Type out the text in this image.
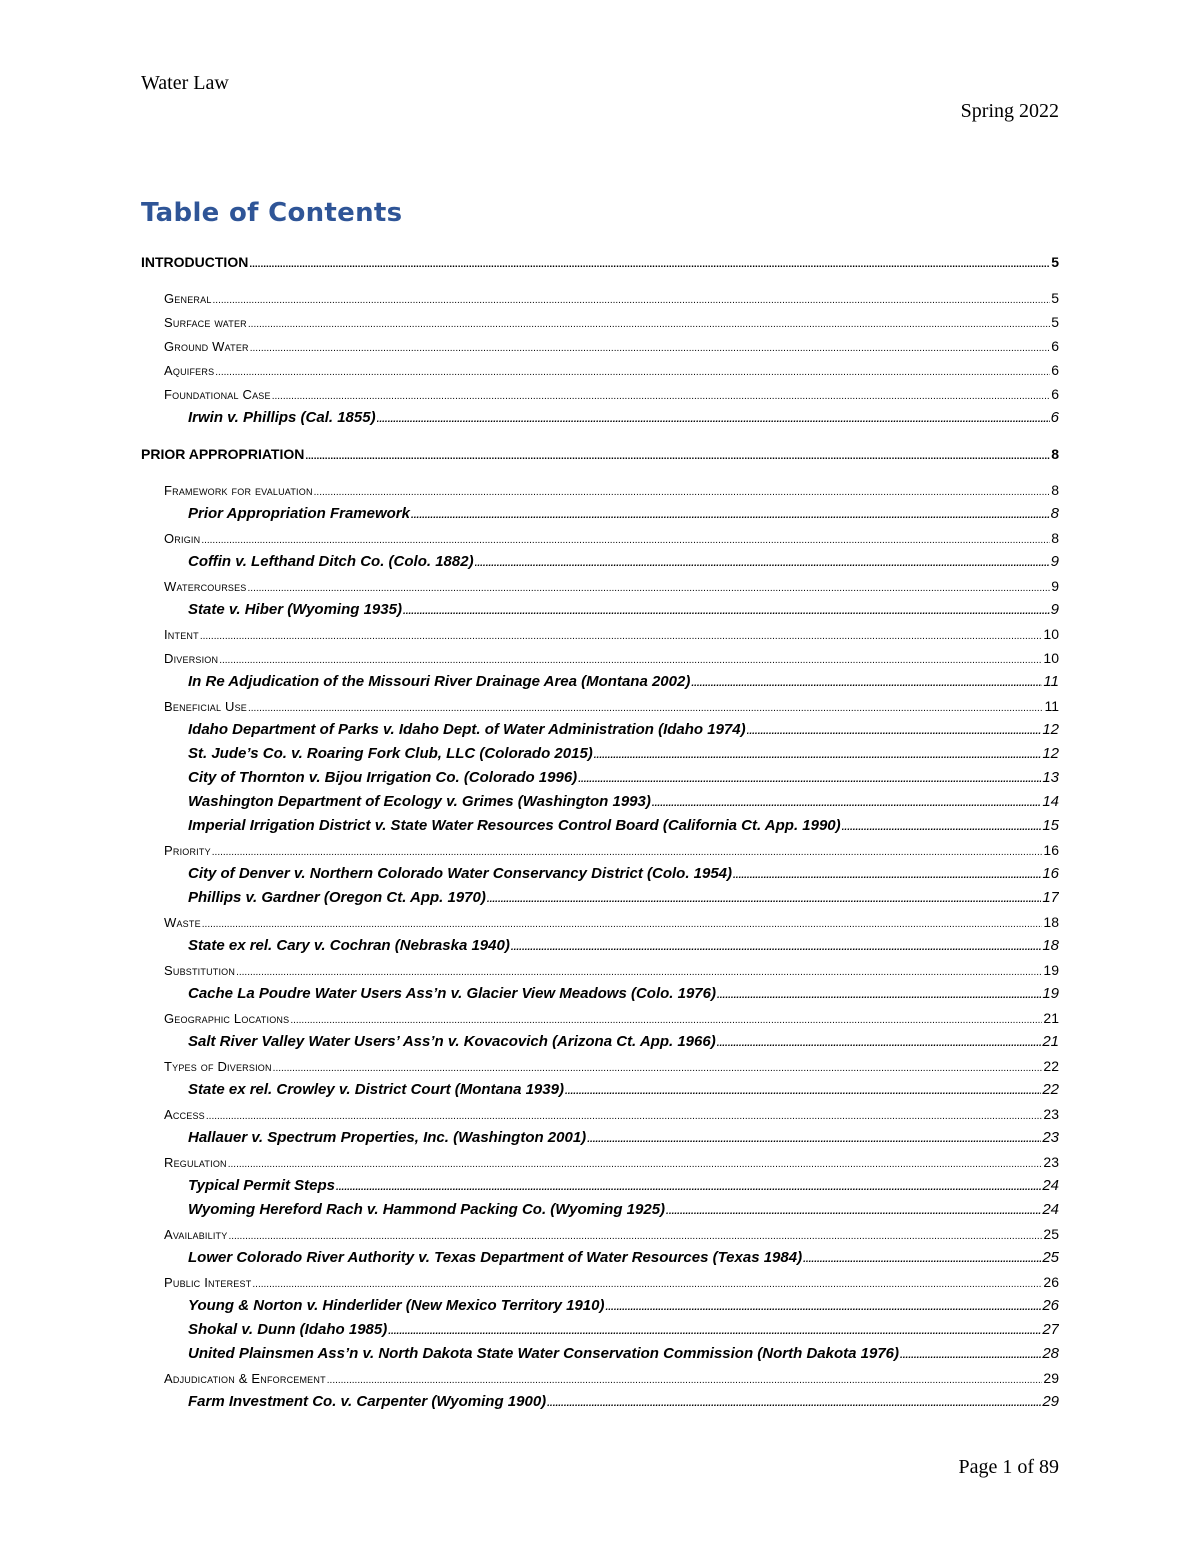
Water Law
Spring 2022
Table of Contents
INTRODUCTION .....	5
General .....	5
Surface water .....	5
Ground Water .....	6
Aquifers .....	6
Foundational Case .....	6
Irwin v. Phillips (Cal. 1855) .....	6
PRIOR APPROPRIATION .....	8
Framework for evaluation .....	8
Prior Appropriation Framework .....	8
Origin .....	8
Coffin v. Lefthand Ditch Co. (Colo. 1882) .....	9
Watercourses .....	9
State v. Hiber (Wyoming 1935) .....	9
Intent .....	10
Diversion .....	10
In Re Adjudication of the Missouri River Drainage Area (Montana 2002) .....	11
Beneficial Use .....	11
Idaho Department of Parks v. Idaho Dept. of Water Administration (Idaho 1974) .....	12
St. Jude’s Co. v. Roaring Fork Club, LLC (Colorado 2015) .....	12
City of Thornton v. Bijou Irrigation Co. (Colorado 1996) .....	13
Washington Department of Ecology v. Grimes (Washington 1993) .....	14
Imperial Irrigation District v. State Water Resources Control Board (California Ct. App. 1990) .....	15
Priority .....	16
City of Denver v. Northern Colorado Water Conservancy District (Colo. 1954) .....	16
Phillips v. Gardner (Oregon Ct. App. 1970) .....	17
Waste .....	18
State ex rel. Cary v. Cochran (Nebraska 1940) .....	18
Substitution .....	19
Cache La Poudre Water Users Ass’n v. Glacier View Meadows (Colo. 1976) .....	19
Geographic Locations .....	21
Salt River Valley Water Users’ Ass’n v. Kovacovich (Arizona Ct. App. 1966) .....	21
Types of Diversion .....	22
State ex rel. Crowley v. District Court (Montana 1939) .....	22
Access .....	23
Hallauer v. Spectrum Properties, Inc. (Washington 2001) .....	23
Regulation .....	23
Typical Permit Steps .....	24
Wyoming Hereford Rach v. Hammond Packing Co. (Wyoming 1925) .....	24
Availability .....	25
Lower Colorado River Authority v. Texas Department of Water Resources (Texas 1984) .....	25
Public Interest .....	26
Young & Norton v. Hinderlider (New Mexico Territory 1910) .....	26
Shokal v. Dunn (Idaho 1985) .....	27
United Plainsmen Ass’n v. North Dakota State Water Conservation Commission (North Dakota 1976) .....	28
Adjudication & Enforcement .....	29
Farm Investment Co. v. Carpenter (Wyoming 1900) .....	29
Page 1 of 89
